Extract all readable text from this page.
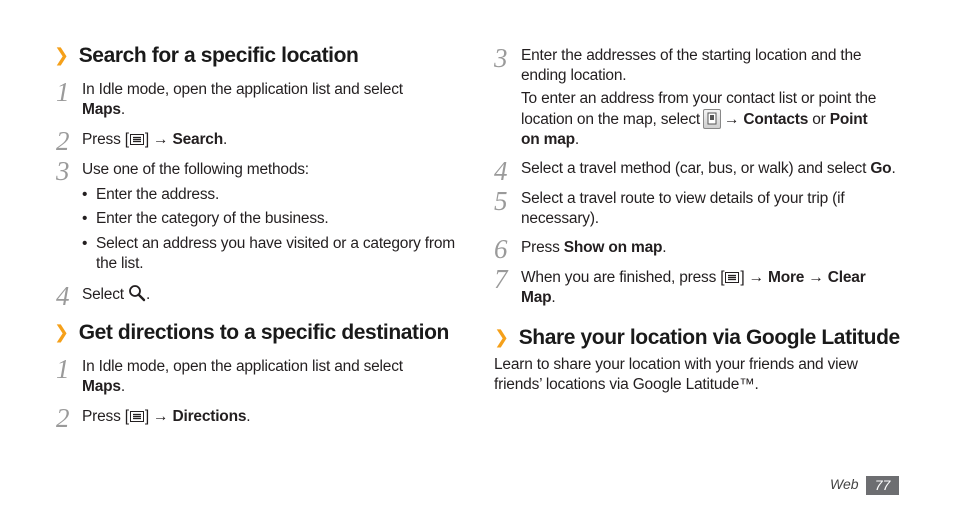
❯ Search for a specific location
1 In Idle mode, open the application list and select
Maps.
2 Press [ ] → Search.
3 Use one of the following methods:
• Enter the address.
• Enter the category of the business.
• Select an address you have visited or a category from
the list.
4 Select .
❯ Get directions to a specific destination
1 In Idle mode, open the application list and select
Maps.
2 Press [ ] → Directions.
3 Enter the addresses of the starting location and the
ending location.
To enter an address from your contact list or point the
location on the map, select → Contacts or Point
on map.
4 Select a travel method (car, bus, or walk) and select Go.
5 Select a travel route to view details of your trip (if
necessary).
6 Press Show on map.
7 When you are finished, press [ ] → More → Clear
Map.
❯ Share your location via Google Latitude
Learn to share your location with your friends and view
friends’ locations via Google Latitude™.
Web	77
